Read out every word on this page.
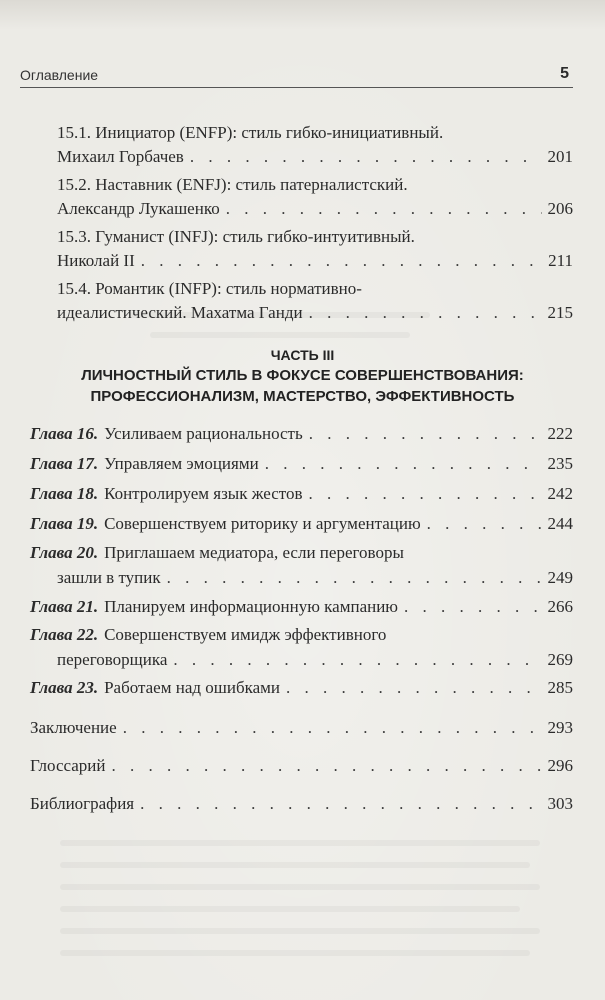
Оглавление	5
15.1. Инициатор (ENFP): стиль гибко-инициативный.
Михаил Горбачев . . .	201
15.2. Наставник (ENFJ): стиль патерналистский.
Александр Лукашенко . . .	206
15.3. Гуманист (INFJ): стиль гибко-интуитивный.
Николай II . . .	211
15.4. Романтик (INFP): стиль нормативно-
идеалистический. Махатма Ганди . . .	215
ЧАСТЬ III
ЛИЧНОСТНЫЙ СТИЛЬ В ФОКУСЕ СОВЕРШЕНСТВОВАНИЯ:
ПРОФЕССИОНАЛИЗМ, МАСТЕРСТВО, ЭФФЕКТИВНОСТЬ
Глава 16. Усиливаем рациональность . . .	222
Глава 17. Управляем эмоциями . . .	235
Глава 18. Контролируем язык жестов . . .	242
Глава 19. Совершенствуем риторику и аргументацию . . .	244
Глава 20. Приглашаем медиатора, если переговоры
зашли в тупик . . .	249
Глава 21. Планируем информационную кампанию . . .	266
Глава 22. Совершенствуем имидж эффективного
переговорщика . . .	269
Глава 23. Работаем над ошибками . . .	285
Заключение . . .	293
Глоссарий . . .	296
Библиография . . .	303
